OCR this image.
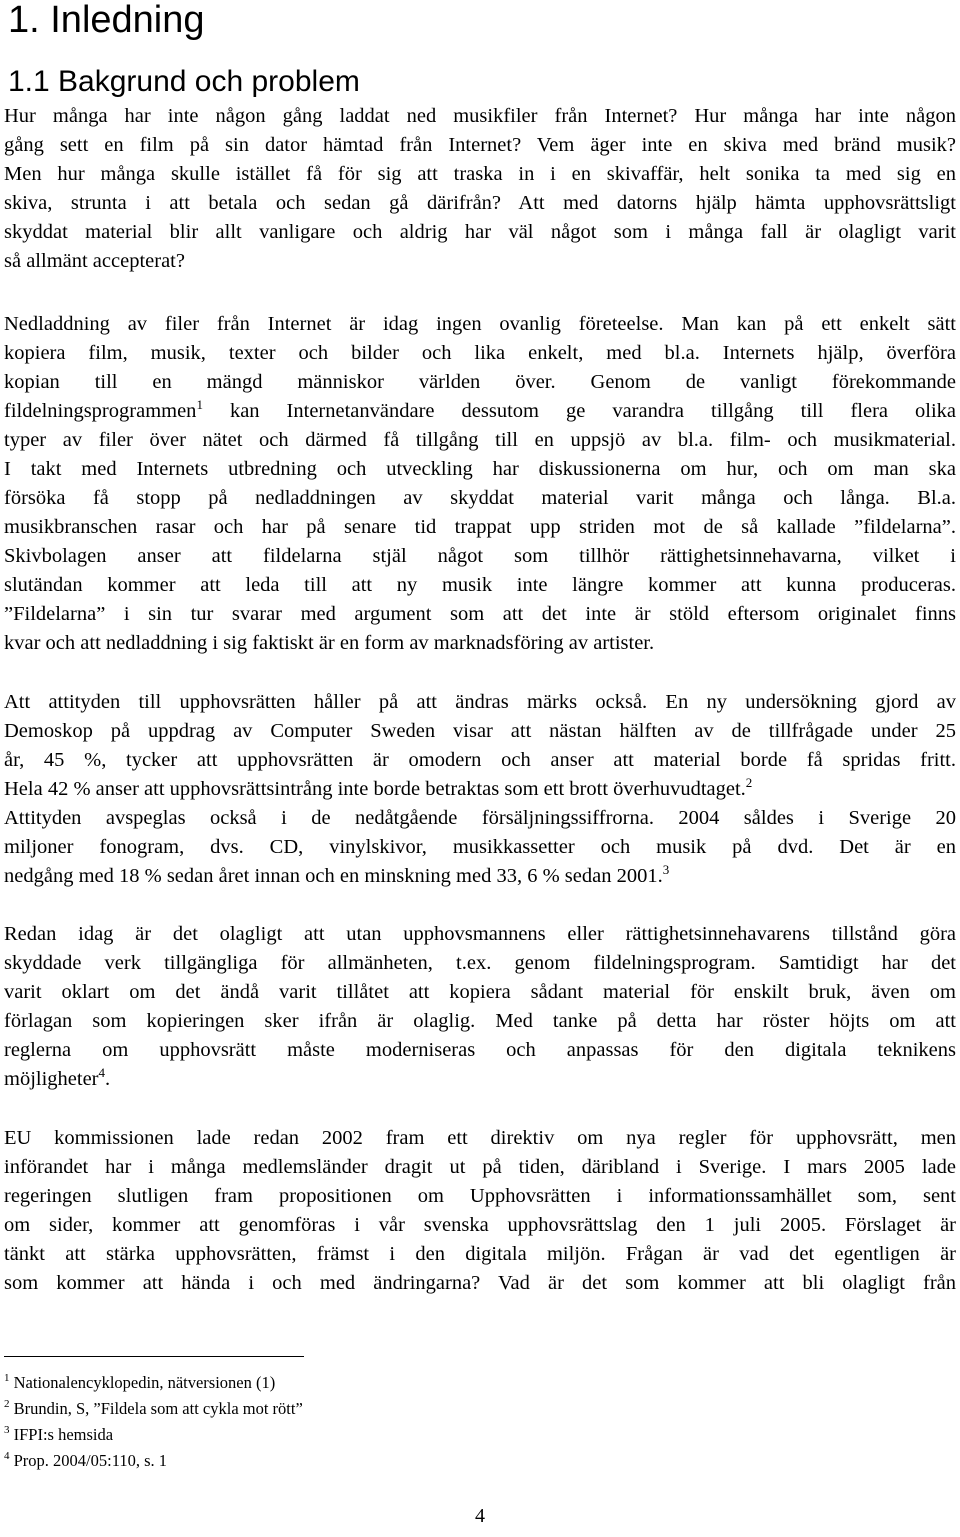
1. Inledning
1.1 Bakgrund och problem
Hur många har inte någon gång laddat ned musikfiler från Internet? Hur många har inte någon
gång sett en film på sin dator hämtad från Internet? Vem äger inte en skiva med bränd musik?
Men hur många skulle istället få för sig att traska in i en skivaffär, helt sonika ta med sig en
skiva, strunta i att betala och sedan gå därifrån? Att med datorns hjälp hämta upphovsrättsligt
skyddat material blir allt vanligare och aldrig har väl något som i många fall är olagligt varit
så allmänt accepterat?
Nedladdning av filer från Internet är idag ingen ovanlig företeelse. Man kan på ett enkelt sätt
kopiera film, musik, texter och bilder och lika enkelt, med bl.a. Internets hjälp, överföra
kopian till en mängd människor världen över. Genom de vanligt förekommande
fildelningsprogrammen$^1$ kan Internetanvändare dessutom ge varandra tillgång till flera olika
typer av filer över nätet och därmed få tillgång till en uppsjö av bl.a. film- och musikmaterial.
I takt med Internets utbredning och utveckling har diskussionerna om hur, och om man ska
försöka få stopp på nedladdningen av skyddat material varit många och långa. Bl.a.
musikbranschen rasar och har på senare tid trappat upp striden mot de så kallade ”fildelarna”.
Skivbolagen anser att fildelarna stjäl något som tillhör rättighetsinnehavarna, vilket i
slutändan kommer att leda till att ny musik inte längre kommer att kunna produceras.
”Fildelarna” i sin tur svarar med argument som att det inte är stöld eftersom originalet finns
kvar och att nedladdning i sig faktiskt är en form av marknadsföring av artister.
Att attityden till upphovsrätten håller på att ändras märks också. En ny undersökning gjord av
Demoskop på uppdrag av Computer Sweden visar att nästan hälften av de tillfrågade under 25
år, 45 %, tycker att upphovsrätten är omodern och anser att material borde få spridas fritt.
Hela 42 % anser att upphovsrättsintrång inte borde betraktas som ett brott överhuvudtaget.$^2$
Attityden avspeglas också i de nedåtgående försäljningssiffrorna. 2004 såldes i Sverige 20
miljoner fonogram, dvs. CD, vinylskivor, musikkassetter och musik på dvd. Det är en
nedgång med 18 % sedan året innan och en minskning med 33, 6 % sedan 2001.$^3$
Redan idag är det olagligt att utan upphovsmannens eller rättighetsinnehavarens tillstånd göra
skyddade verk tillgängliga för allmänheten, t.ex. genom fildelningsprogram. Samtidigt har det
varit oklart om det ändå varit tillåtet att kopiera sådant material för enskilt bruk, även om
förlagan som kopieringen sker ifrån är olaglig. Med tanke på detta har röster höjts om att
reglerna om upphovsrätt måste moderniseras och anpassas för den digitala teknikens
möjligheter$^4$.
EU kommissionen lade redan 2002 fram ett direktiv om nya regler för upphovsrätt, men
införandet har i många medlemsländer dragit ut på tiden, däribland i Sverige. I mars 2005 lade
regeringen slutligen fram propositionen om Upphovsrätten i informationssamhället som, sent
om sider, kommer att genomföras i vår svenska upphovsrättslag den 1 juli 2005. Förslaget är
tänkt att stärka upphovsrätten, främst i den digitala miljön. Frågan är vad det egentligen är
som kommer att hända i och med ändringarna? Vad är det som kommer att bli olagligt från
$^1$ Nationalencyklopedin, nätversionen (1)
$^2$ Brundin, S, ”Fildela som att cykla mot rött”
$^3$ IFPI:s hemsida
$^4$ Prop. 2004/05:110, s. 1
4
